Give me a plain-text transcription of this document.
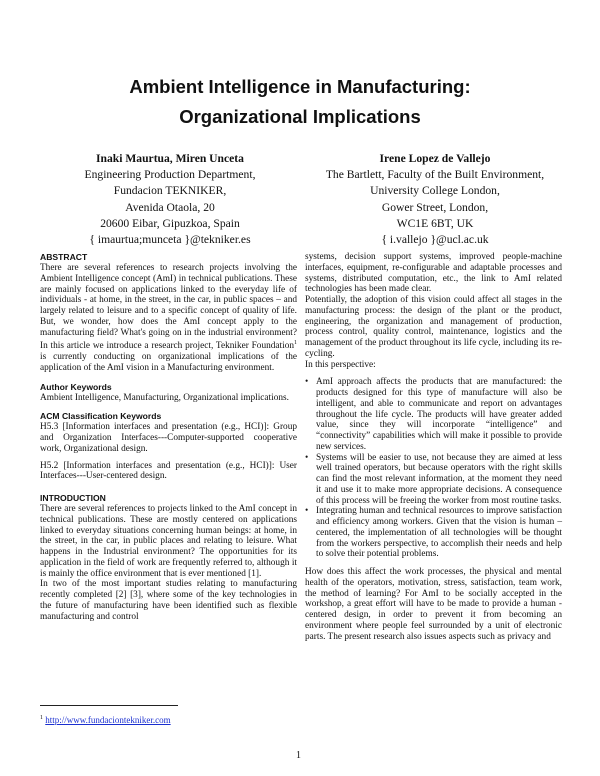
Ambient Intelligence in Manufacturing:
Organizational Implications
Inaki Maurtua, Miren Unceta
Engineering Production Department,
Fundacion TEKNIKER,
Avenida Otaola, 20
20600 Eibar, Gipuzkoa, Spain
{ imaurtua;munceta }@tekniker.es
Irene Lopez de Vallejo
The Bartlett, Faculty of the Built Environment,
University College London,
Gower Street, London,
WC1E 6BT, UK
{ i.vallejo }@ucl.ac.uk
ABSTRACT

There are several references to research projects involving the Ambient Intelligence concept (AmI) in technical publications. These are mainly focused on applications linked to the everyday life of individuals - at home, in the street, in the car, in public spaces – and largely related to leisure and to a specific concept of quality of life. But, we wonder, how does the AmI concept apply to the manufacturing field? What's going on in the industrial environment? In this article we introduce a research project, Tekniker Foundation$^1$ is currently conducting on organizational implications of the application of the AmI vision in a Manufacturing environment.

Author Keywords

Ambient Intelligence, Manufacturing, Organizational implications.

ACM Classification Keywords

H5.3 [Information interfaces and presentation (e.g., HCI)]: Group and Organization Interfaces---Computer-supported cooperative work, Organizational design.

H5.2 [Information interfaces and presentation (e.g., HCI)]: User Interfaces---User-centered design.

INTRODUCTION

There are several references to projects linked to the AmI concept in technical publications. These are mostly centered on applications linked to everyday situations concerning human beings: at home, in the street, in the car, in public places and relating to leisure. What happens in the Industrial environment? The opportunities for its application in the field of work are frequently referred to, although it is mainly the office environment that is ever mentioned [1].

In two of the most important studies relating to manufacturing recently completed [2] [3], where some of the key technologies in the future of manufacturing have been identified such as flexible manufacturing and control

systems, decision support systems, improved people-machine interfaces, equipment, re-configurable and adaptable processes and systems, distributed computation, etc., the link to AmI related technologies has been made clear.

Potentially, the adoption of this vision could affect all stages in the manufacturing process: the design of the plant or the product, engineering, the organization and management of production, process control, quality control, maintenance, logistics and the management of the product throughout its life cycle, including its re-cycling.

In this perspective:

• AmI approach affects the products that are manufactured: the products designed for this type of manufacture will also be intelligent, and able to communicate and report on advantages throughout the life cycle. The products will have greater added value, since they will incorporate “intelligence” and “connectivity” capabilities which will make it possible to provide new services.
• Systems will be easier to use, not because they are aimed at less well trained operators, but because operators with the right skills can find the most relevant information, at the moment they need it and use it to make more appropriate decisions. A consequence of this process will be freeing the worker from most routine tasks.
• Integrating human and technical resources to improve satisfaction and efficiency among workers. Given that the vision is human – centered, the implementation of all technologies will be thought from the workers perspective, to accomplish their needs and help to solve their potential problems.

How does this affect the work processes, the physical and mental health of the operators, motivation, stress, satisfaction, team work, the method of learning? For AmI to be socially accepted in the workshop, a great effort will have to be made to provide a human - centered design, in order to prevent it from becoming an environment where people feel surrounded by a unit of electronic parts. The present research also issues aspects such as privacy and

$^1$ http://www.fundaciontekniker.com
1
